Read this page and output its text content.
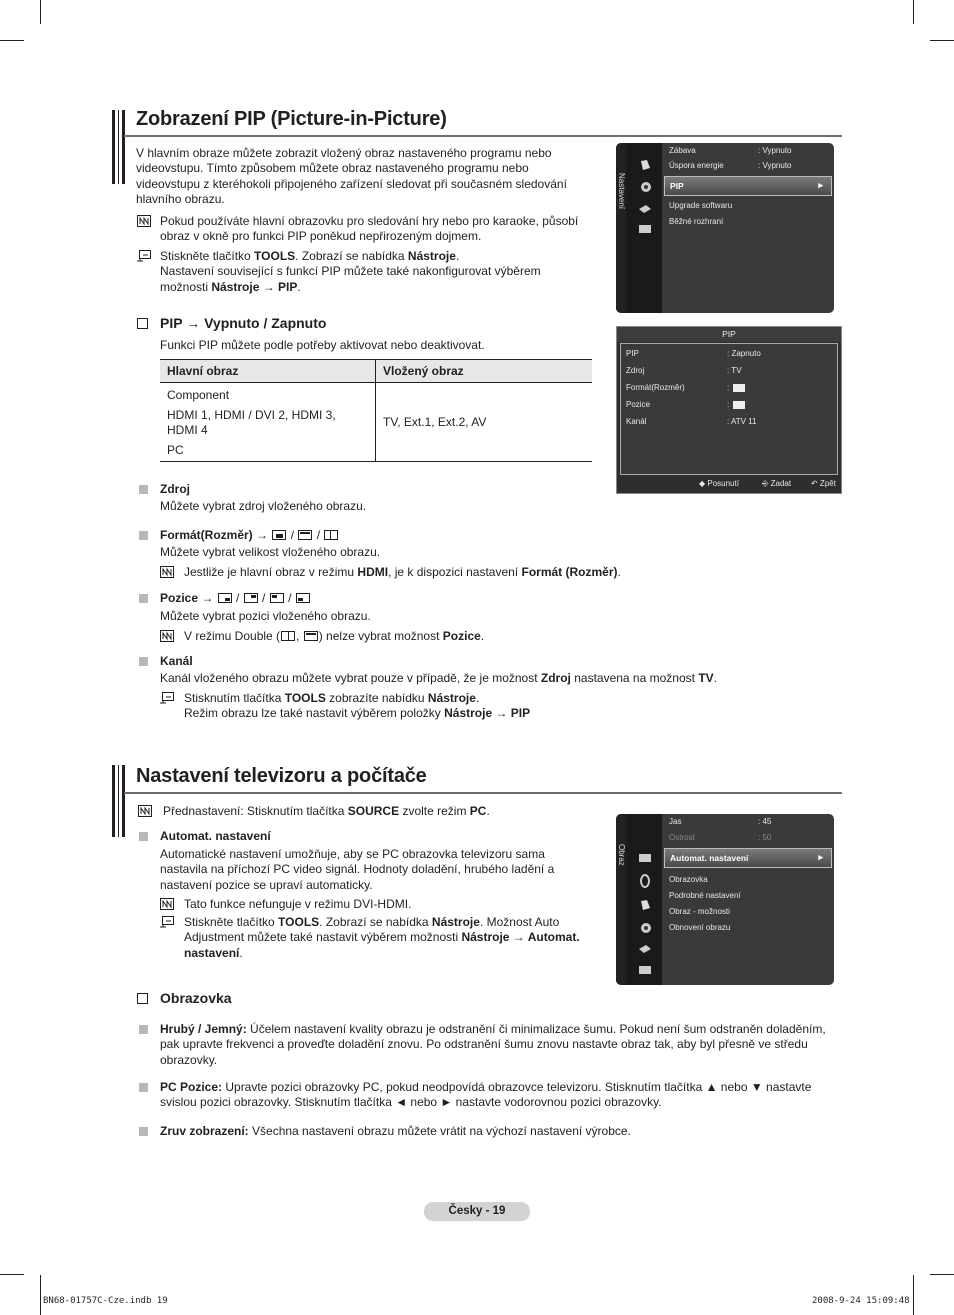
Zobrazení PIP (Picture-in-Picture)

V hlavním obraze můžete zobrazit vložený obraz nastaveného programu nebo videovstupu. Tímto způsobem můžete obraz nastaveného programu nebo videovstupu z kteréhokoli připojeného zařízení sledovat při současném sledování hlavního obrazu.

Pokud používáte hlavní obrazovku pro sledování hry nebo pro karaoke, působí obraz v okně pro funkci PIP poněkud nepřirozeným dojmem.

Stiskněte tlačítko TOOLS. Zobrazí se nabídka Nástroje.
Nastavení související s funkcí PIP můžete také nakonfigurovat výběrem možnosti Nástroje → PIP.

Nastavení
Zábava	: Vypnuto
Úspora energie	: Vypnuto
PIP	►
Upgrade softwaru
Běžné rozhraní

PIP → Vypnuto / Zapnuto

Funkci PIP můžete podle potřeby aktivovat nebo deaktivovat.

Hlavní obraz	Vložený obraz
Component
HDMI 1, HDMI / DVI 2, HDMI 3, HDMI 4
PC
TV, Ext.1, Ext.2, AV
PIP
PIP	: Zapnuto
Zdroj	: TV
Formát(Rozměr)	:
Pozice	:
Kanál	: ATV 11
◆ Posunutí	⎆ Zadat ↶ Zpět

Zdroj

Můžete vybrat zdroj vloženého obrazu.

Formát(Rozměr) →
/
/

Můžete vybrat velikost vloženého obrazu.

Jestliže je hlavní obraz v režimu HDMI, je k dispozici nastavení Formát (Rozměr).

Pozice →
/
/
/

Můžete vybrat pozici vloženého obrazu.

V režimu Double ( ,
) nelze vybrat možnost Pozice.

Kanál

Kanál vloženého obrazu můžete vybrat pouze v případě, že je možnost Zdroj nastavena na možnost TV.

Stisknutím tlačítka TOOLS zobrazíte nabídku Nástroje.
Režim obrazu lze také nastavit výběrem položky Nástroje → PIP

Nastavení televizoru a počítače

Přednastavení: Stisknutím tlačítka SOURCE zvolte režim PC.

Automat. nastavení

Automatické nastavení umožňuje, aby se PC obrazovka televizoru sama nastavila na příchozí PC video signál. Hodnoty doladění, hrubého ladění a nastavení pozice se upraví automaticky.

Tato funkce nefunguje v režimu DVI-HDMI.

Stiskněte tlačítko TOOLS. Zobrazí se nabídka Nástroje. Možnost Auto Adjustment můžete také nastavit výběrem možnosti Nástroje → Automat. nastavení.

Obraz
Jas	: 45
Ostrost	: 50
Automat. nastavení	►
Obrazovka
Podrobné nastavení
Obraz - možnosti
Obnovení obrazu

Obrazovka

Hrubý / Jemný: Účelem nastavení kvality obrazu je odstranění či minimalizace šumu. Pokud není šum odstraněn doladěním, pak upravte frekvenci a proveďte doladění znovu. Po odstranění šumu znovu nastavte obraz tak, aby byl přesně ve středu obrazovky.

PC Pozice: Upravte pozici obrazovky PC, pokud neodpovídá obrazovce televizoru. Stisknutím tlačítka ▲ nebo ▼ nastavte svislou pozici obrazovky. Stisknutím tlačítka ◄ nebo ► nastavte vodorovnou pozici obrazovky.

Zruv zobrazení: Všechna nastavení obrazu můžete vrátit na výchozí nastavení výrobce.

Česky - 19
BN68-01757C-Cze.indb 19	2008-9-24 15:09:48
